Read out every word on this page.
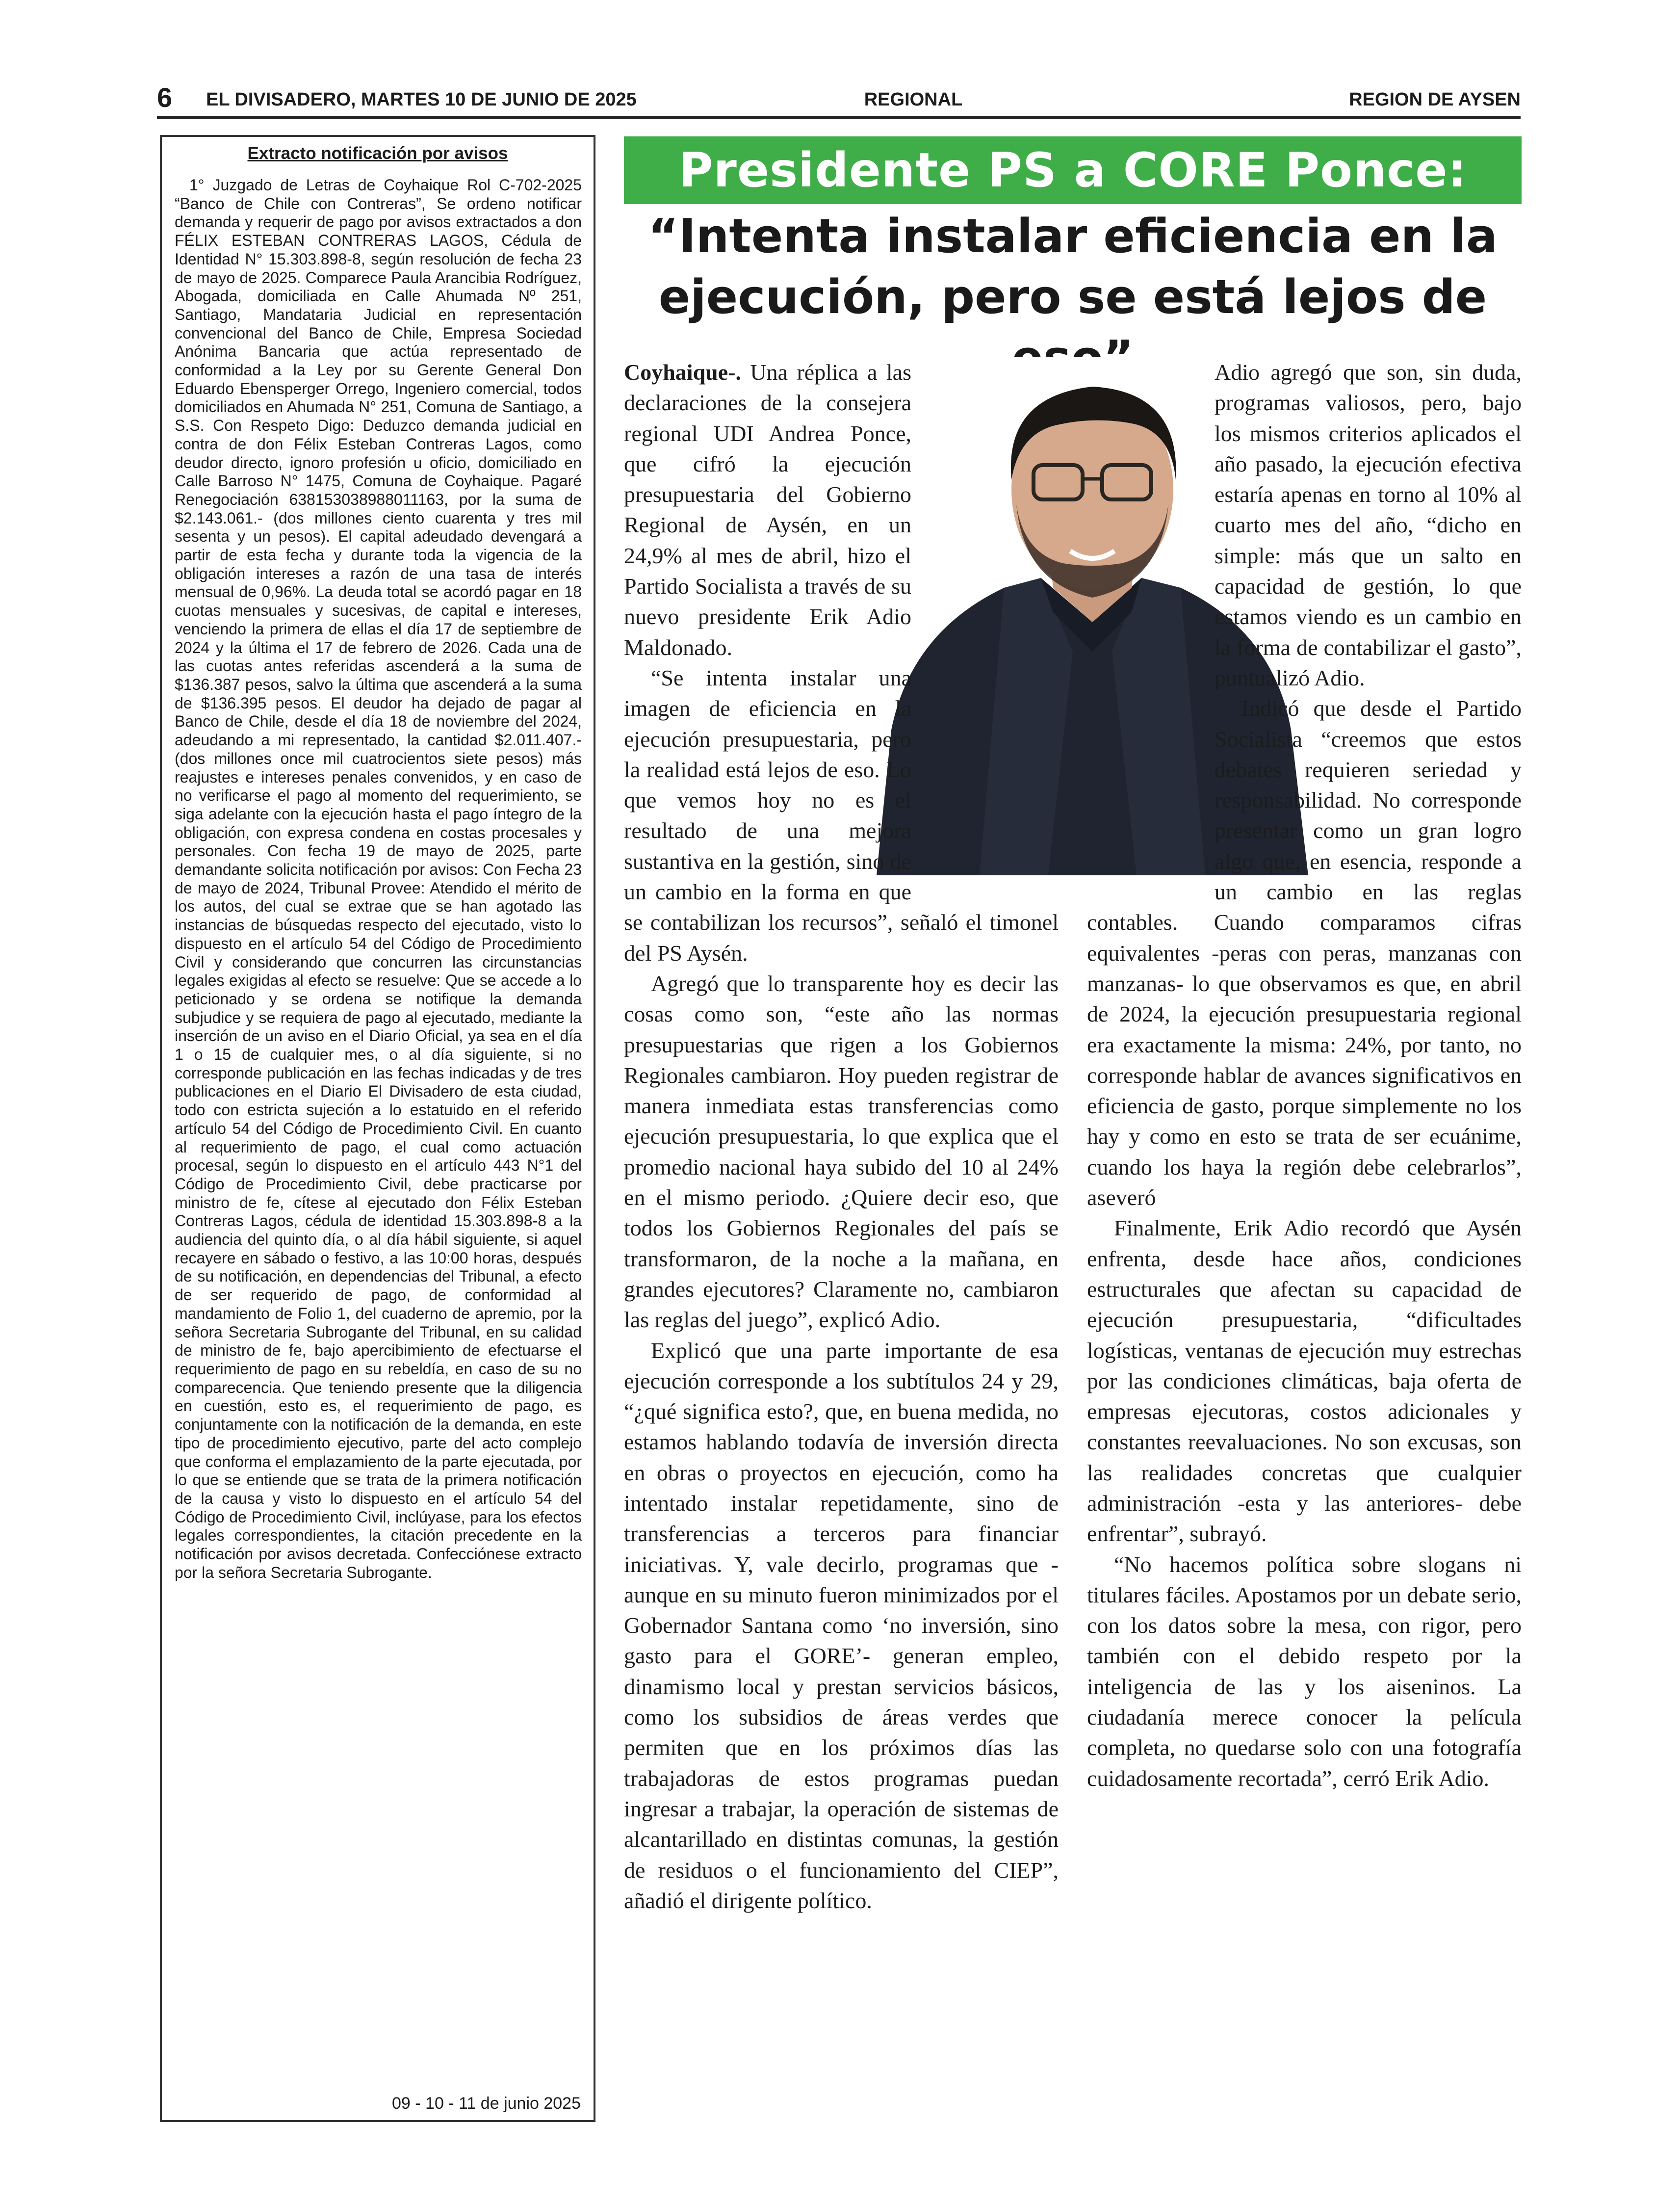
6 EL DIVISADERO, MARTES 10 DE JUNIO DE 2025	REGIONAL	REGION DE AYSEN
Extracto notificación por avisos
1° Juzgado de Letras de Coyhaique Rol C-702-2025 “Banco de Chile con Contreras”, Se ordeno notificar demanda y requerir de pago por avisos extractados a don FÉLIX ESTEBAN CONTRERAS LAGOS, Cédula de Identidad N° 15.303.898-8, según resolución de fecha 23 de mayo de 2025. Comparece Paula Arancibia Rodríguez, Abogada, domiciliada en Calle Ahumada Nº 251, Santiago, Mandataria Judicial en representación convencional del Banco de Chile, Empresa Sociedad Anónima Bancaria que actúa representado de conformidad a la Ley por su Gerente General Don Eduardo Ebensperger Orrego, Ingeniero comercial, todos domiciliados en Ahumada N° 251, Comuna de Santiago, a S.S. Con Respeto Digo: Deduzco demanda judicial en contra de don Félix Esteban Contreras Lagos, como deudor directo, ignoro profesión u oficio, domiciliado en Calle Barroso N° 1475, Comuna de Coyhaique. Pagaré Renegociación 638153038988011163, por la suma de $2.143.061.- (dos millones ciento cuarenta y tres mil sesenta y un pesos). El capital adeudado devengará a partir de esta fecha y durante toda la vigencia de la obligación intereses a razón de una tasa de interés mensual de 0,96%. La deuda total se acordó pagar en 18 cuotas mensuales y sucesivas, de capital e intereses, venciendo la primera de ellas el día 17 de septiembre de 2024 y la última el 17 de febrero de 2026. Cada una de las cuotas antes referidas ascenderá a la suma de $136.387 pesos, salvo la última que ascenderá a la suma de $136.395 pesos. El deudor ha dejado de pagar al Banco de Chile, desde el día 18 de noviembre del 2024, adeudando a mi representado, la cantidad $2.011.407.- (dos millones once mil cuatrocientos siete pesos) más reajustes e intereses penales convenidos, y en caso de no verificarse el pago al momento del requerimiento, se siga adelante con la ejecución hasta el pago íntegro de la obligación, con expresa condena en costas procesales y personales. Con fecha 19 de mayo de 2025, parte demandante solicita notificación por avisos: Con Fecha 23 de mayo de 2024, Tribunal Provee: Atendido el mérito de los autos, del cual se extrae que se han agotado las instancias de búsquedas respecto del ejecutado, visto lo dispuesto en el artículo 54 del Código de Procedimiento Civil y considerando que concurren las circunstancias legales exigidas al efecto se resuelve: Que se accede a lo peticionado y se ordena se notifique la demanda subjudice y se requiera de pago al ejecutado, mediante la inserción de un aviso en el Diario Oficial, ya sea en el día 1 o 15 de cualquier mes, o al día siguiente, si no corresponde publicación en las fechas indicadas y de tres publicaciones en el Diario El Divisadero de esta ciudad, todo con estricta sujeción a lo estatuido en el referido artículo 54 del Código de Procedimiento Civil. En cuanto al requerimiento de pago, el cual como actuación procesal, según lo dispuesto en el artículo 443 N°1 del Código de Procedimiento Civil, debe practicarse por ministro de fe, cítese al ejecutado don Félix Esteban Contreras Lagos, cédula de identidad 15.303.898-8 a la audiencia del quinto día, o al día hábil siguiente, si aquel recayere en sábado o festivo, a las 10:00 horas, después de su notificación, en dependencias del Tribunal, a efecto de ser requerido de pago, de conformidad al mandamiento de Folio 1, del cuaderno de apremio, por la señora Secretaria Subrogante del Tribunal, en su calidad de ministro de fe, bajo apercibimiento de efectuarse el requerimiento de pago en su rebeldía, en caso de su no comparecencia. Que teniendo presente que la diligencia en cuestión, esto es, el requerimiento de pago, es conjuntamente con la notificación de la demanda, en este tipo de procedimiento ejecutivo, parte del acto complejo que conforma el emplazamiento de la parte ejecutada, por lo que se entiende que se trata de la primera notificación de la causa y visto lo dispuesto en el artículo 54 del Código de Procedimiento Civil, inclúyase, para los efectos legales correspondientes, la citación precedente en la notificación por avisos decretada. Confecciónese extracto por la señora Secretaria Subrogante.
09 - 10 - 11 de junio 2025
Presidente PS a CORE Ponce:
“Intenta instalar eficiencia en la ejecución, pero se está lejos de

Coyhaique-. Una réplica a las declaraciones de la consejera regional UDI Andrea Ponce, que cifró la ejecución presupuestaria del Gobierno Regional de Aysén, en un 24,9% al mes de abril, hizo el Partido Socialista a través de su nuevo presidente Erik Adio Maldonado.

“Se intenta instalar una imagen de eficiencia en la ejecución presupuestaria, pero la realidad está lejos de eso. Lo que vemos hoy no es el resultado de una mejora sustantiva en la gestión, sino de un cambio en la forma en que se contabilizan los recursos”, señaló el timonel del PS Aysén.

Agregó que lo transparente hoy es decir las cosas como son, “este año las normas presupuestarias que rigen a los Gobiernos Regionales cambiaron. Hoy pueden registrar de manera inmediata estas transferencias como ejecución presupuestaria, lo que explica que el promedio nacional haya subido del 10 al 24% en el mismo periodo. ¿Quiere decir eso, que todos los Gobiernos Regionales del país se transformaron, de la noche a la mañana, en grandes ejecutores? Claramente no, cambiaron las reglas del juego”, explicó Adio.

Explicó que una parte importante de esa ejecución corresponde a los subtítulos 24 y 29, “¿qué significa esto?, que, en buena medida, no estamos hablando todavía de inversión directa en obras o proyectos en ejecución, como ha intentado instalar repetidamente, sino de transferencias a terceros para financiar iniciativas. Y, vale decirlo, programas que -aunque en su minuto fueron minimizados por el Gobernador Santana como ‘no inversión, sino gasto para el GORE’- generan empleo, dinamismo local y prestan servicios básicos, como los subsidios de áreas verdes que permiten que en los próximos días las trabajadoras de estos programas puedan ingresar a trabajar, la operación de sistemas de alcantarillado en distintas comunas, la gestión de residuos o el funcionamiento del CIEP”, añadió el dirigente político.

Adio agregó que son, sin duda, programas valiosos, pero, bajo los mismos criterios aplicados el año pasado, la ejecución efectiva estaría apenas en torno al 10% al cuarto mes del año, “dicho en simple: más que un salto en capacidad de gestión, lo que estamos viendo es un cambio en la forma de contabilizar el gasto”, puntualizó Adio.

Indicó que desde el Partido Socialista “creemos que estos debates requieren seriedad y responsabilidad. No corresponde presentar como un gran logro algo que, en esencia, responde a un cambio en las reglas contables. Cuando comparamos cifras equivalentes -peras con peras, manzanas con manzanas- lo que observamos es que, en abril de 2024, la ejecución presupuestaria regional era exactamente la misma: 24%, por tanto, no corresponde hablar de avances significativos en eficiencia de gasto, porque simplemente no los hay y como en esto se trata de ser ecuánime, cuando los haya la región debe celebrarlos”, aseveró

Finalmente, Erik Adio recordó que Aysén enfrenta, desde hace años, condiciones estructurales que afectan su capacidad de ejecución presupuestaria, “dificultades logísticas, ventanas de ejecución muy estrechas por las condiciones climáticas, baja oferta de empresas ejecutoras, costos adicionales y constantes reevaluaciones. No son excusas, son las realidades concretas que cualquier administración -esta y las anteriores- debe enfrentar”, subrayó.

“No hacemos política sobre slogans ni titulares fáciles. Apostamos por un debate serio, con los datos sobre la mesa, con rigor, pero también con el debido respeto por la inteligencia de las y los aiseninos. La ciudadanía merece conocer la película completa, no quedarse solo con una fotografía cuidadosamente recortada”, cerró Erik Adio.
